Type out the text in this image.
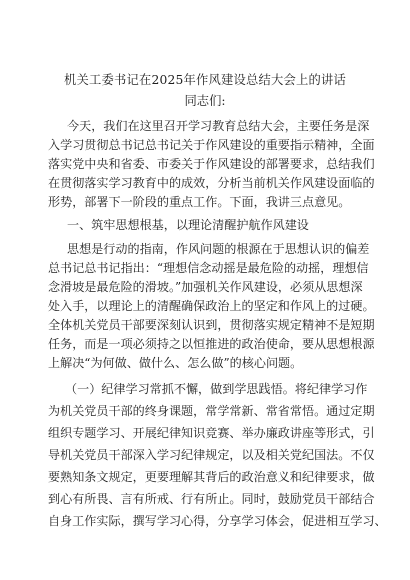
机关工委书记在2025年作风建设总结大会上的讲话
同志们:
今天，我们在这里召开学习教育总结大会，主要任务是深
入学习贯彻总书记总书记关于作风建设的重要指示精神，全面
落实党中央和省委、市委关于作风建设的部署要求，总结我们
在贯彻落实学习教育中的成效，分析当前机关作风建设面临的
形势，部署下一阶段的重点工作。下面，我讲三点意见。
一、筑牢思想根基，以理论清醒护航作风建设
思想是行动的指南，作风问题的根源在于思想认识的偏差
总书记总书记指出：“理想信念动摇是最危险的动摇，理想信
念滑坡是最危险的滑坡。”加强机关作风建设，必须从思想深
处入手，以理论上的清醒确保政治上的坚定和作风上的过硬。
全体机关党员干部要深刻认识到，贯彻落实规定精神不是短期
任务，而是一项必须持之以恒推进的政治使命，要从思想根源
上解决“为何做、做什么、怎么做”的核心问题。
（一）纪律学习常抓不懈，做到学思践悟。将纪律学习作
为机关党员干部的终身课题，常学常新、常省常悟。通过定期
组织专题学习、开展纪律知识竞赛、举办廉政讲座等形式，引
导机关党员干部深入学习纪律规定，以及相关党纪国法。不仅
要熟知条文规定，更要理解其背后的政治意义和纪律要求，做
到心有所畏、言有所戒、行有所止。同时，鼓励党员干部结合
自身工作实际，撰写学习心得，分享学习体会，促进相互学习、
